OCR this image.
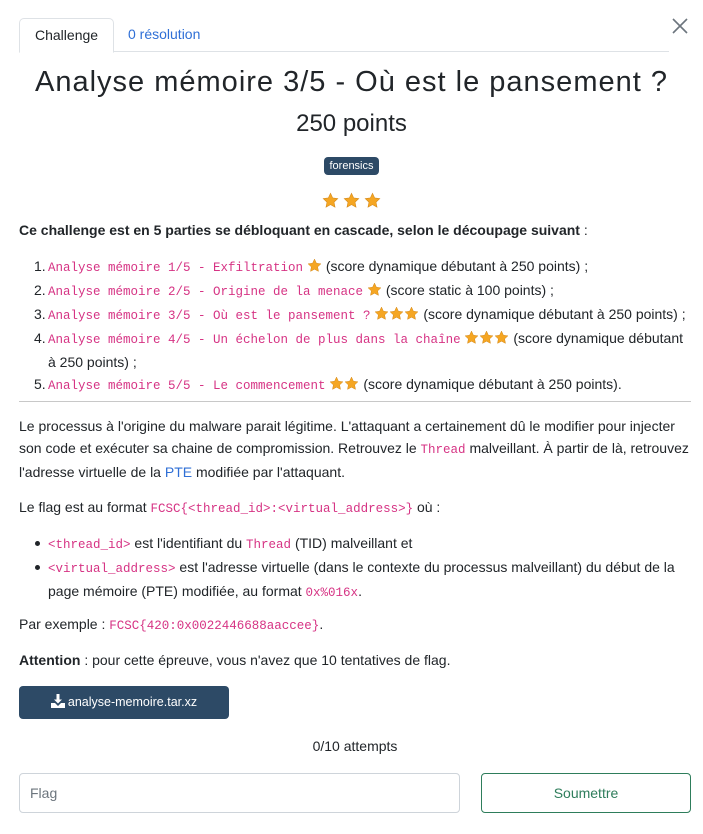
Challenge	0 résolution
Analyse mémoire 3/5 - Où est le pansement ?
250 points
forensics

Ce challenge est en 5 parties se débloquant en cascade, selon le découpage suivant :
1. Analyse mémoire 1/5 - Exfiltration (score dynamique débutant à 250 points) ;
2. Analyse mémoire 2/5 - Origine de la menace (score static à 100 points) ;
3. Analyse mémoire 3/5 - Où est le pansement ?	(score dynamique débutant à 250 points) ;
4. Analyse mémoire 4/5 - Un échelon de plus dans la chaîne	(score dynamique débutant
à 250 points) ;
5. Analyse mémoire 5/5 - Le commencement	(score dynamique débutant à 250 points).
Le processus à l'origine du malware parait légitime. L'attaquant a certainement dû le modifier pour injecter
son code et exécuter sa chaine de compromission. Retrouvez le Thread malveillant. À partir de là, retrouvez
l'adresse virtuelle de la PTE modifiée par l'attaquant.
Le flag est au format FCSC{<thread_id>:<virtual_address>} où :
<thread_id> est l'identifiant du Thread (TID) malveillant et
<virtual_address> est l'adresse virtuelle (dans le contexte du processus malveillant) du début de la
page mémoire (PTE) modifiée, au format 0x%016x.
Par exemple : FCSC{420:0x0022446688aaccee}.
Attention : pour cette épreuve, vous n'avez que 10 tentatives de flag.
analyse-memoire.tar.xz
0/10 attempts
Flag
Soumettre
